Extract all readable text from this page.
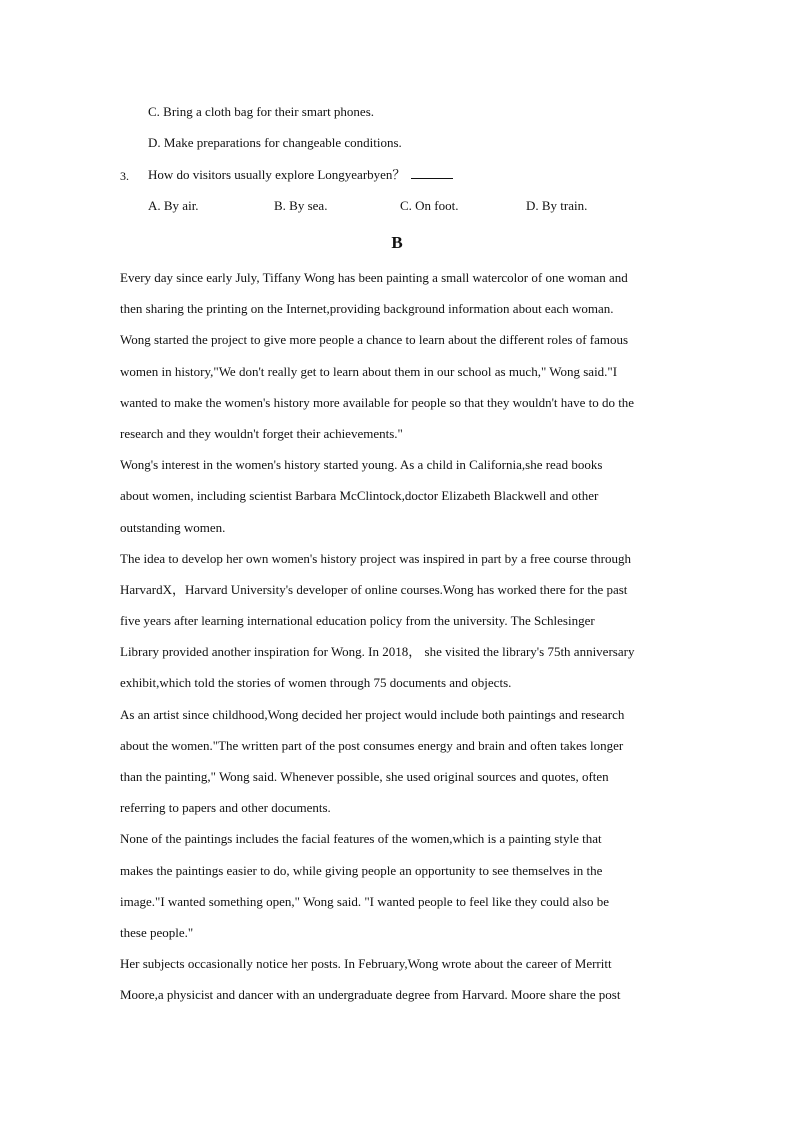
C. Bring a cloth bag for their smart phones.
D. Make preparations for changeable conditions.
3. How do visitors usually explore Longyearbyen？
A. By air.	B. By sea.	C. On foot.	D. By train.
B
Every day since early July, Tiffany Wong has been painting a small watercolor of one woman and
then sharing the printing on the Internet,providing background information about each woman.
Wong started the project to give more people a chance to learn about the different roles of famous
women in history,"We don't really get to learn about them in our school as much," Wong said."I
wanted to make the women's history more available for people so that they wouldn't have to do the
research and they wouldn't forget their achievements."
Wong's interest in the women's history started young. As a child in California,she read books
about women, including scientist Barbara McClintock,doctor Elizabeth Blackwell and other
outstanding women.
The idea to develop her own women's history project was inspired in part by a free course through
HarvardX，Harvard University's developer of online courses.Wong has worked there for the past
five years after learning international education policy from the university. The Schlesinger
Library provided another inspiration for Wong. In 2018， she visited the library's 75th anniversary
exhibit,which told the stories of women through 75 documents and objects.
As an artist since childhood,Wong decided her project would include both paintings and research
about the women."The written part of the post consumes energy and brain and often takes longer
than the painting," Wong said. Whenever possible, she used original sources and quotes, often
referring to papers and other documents.
None of the paintings includes the facial features of the women,which is a painting style that
makes the paintings easier to do, while giving people an opportunity to see themselves in the
image."I wanted something open," Wong said. "I wanted people to feel like they could also be
these people."
Her subjects occasionally notice her posts. In February,Wong wrote about the career of Merritt
Moore,a physicist and dancer with an undergraduate degree from Harvard. Moore share the post
